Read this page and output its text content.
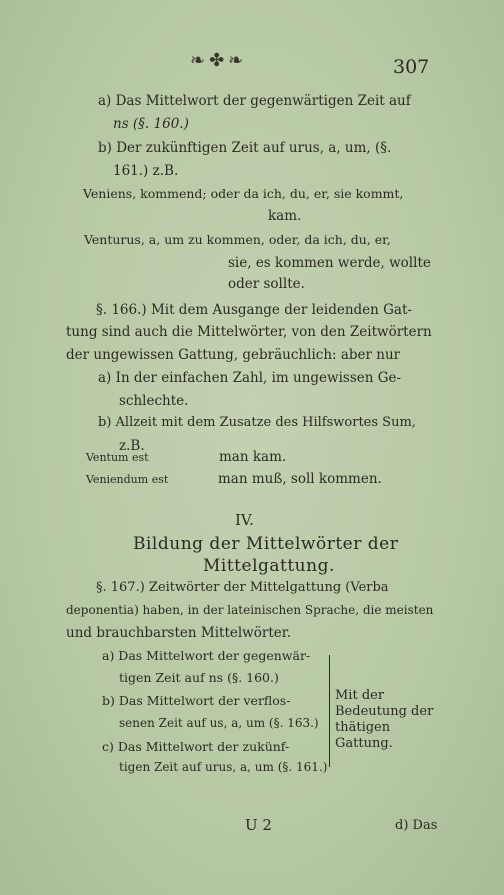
❧✤❧	307
a) Das Mittelwort der gegenwärtigen Zeit auf
ns (§. 160.)
b) Der zukünftigen Zeit auf urus, a, um, (§.
161.) z.B.
Veniens, kommend; oder da ich, du, er, sie kommt,
kam.
Venturus, a, um zu kommen, oder, da ich, du, er,
sie, es kommen werde, wollte
oder sollte.
§. 166.) Mit dem Ausgange der leidenden Gat-
tung sind auch die Mittelwörter, von den Zeitwörtern
der ungewissen Gattung, gebräuchlich: aber nur
a) In der einfachen Zahl, im ungewissen Ge-
schlechte.
b) Allzeit mit dem Zusatze des Hilfswortes Sum,
z.B.
Ventum est	man kam.
Veniendum est	man muß, soll kommen.
IV.
Bildung der Mittelwörter der
Mittelgattung.
§. 167.) Zeitwörter der Mittelgattung (Verba
deponentia) haben, in der lateinischen Sprache, die meisten
und brauchbarsten Mittelwörter.
a) Das Mittelwort der gegenwär-
tigen Zeit auf ns (§. 160.)
b) Das Mittelwort der verflos-
senen Zeit auf us, a, um (§. 163.)
c) Das Mittelwort der zukünf-
tigen Zeit auf urus, a, um (§. 161.)
Mit der Bedeutung der thätigen Gattung.
U 2	d) Das
